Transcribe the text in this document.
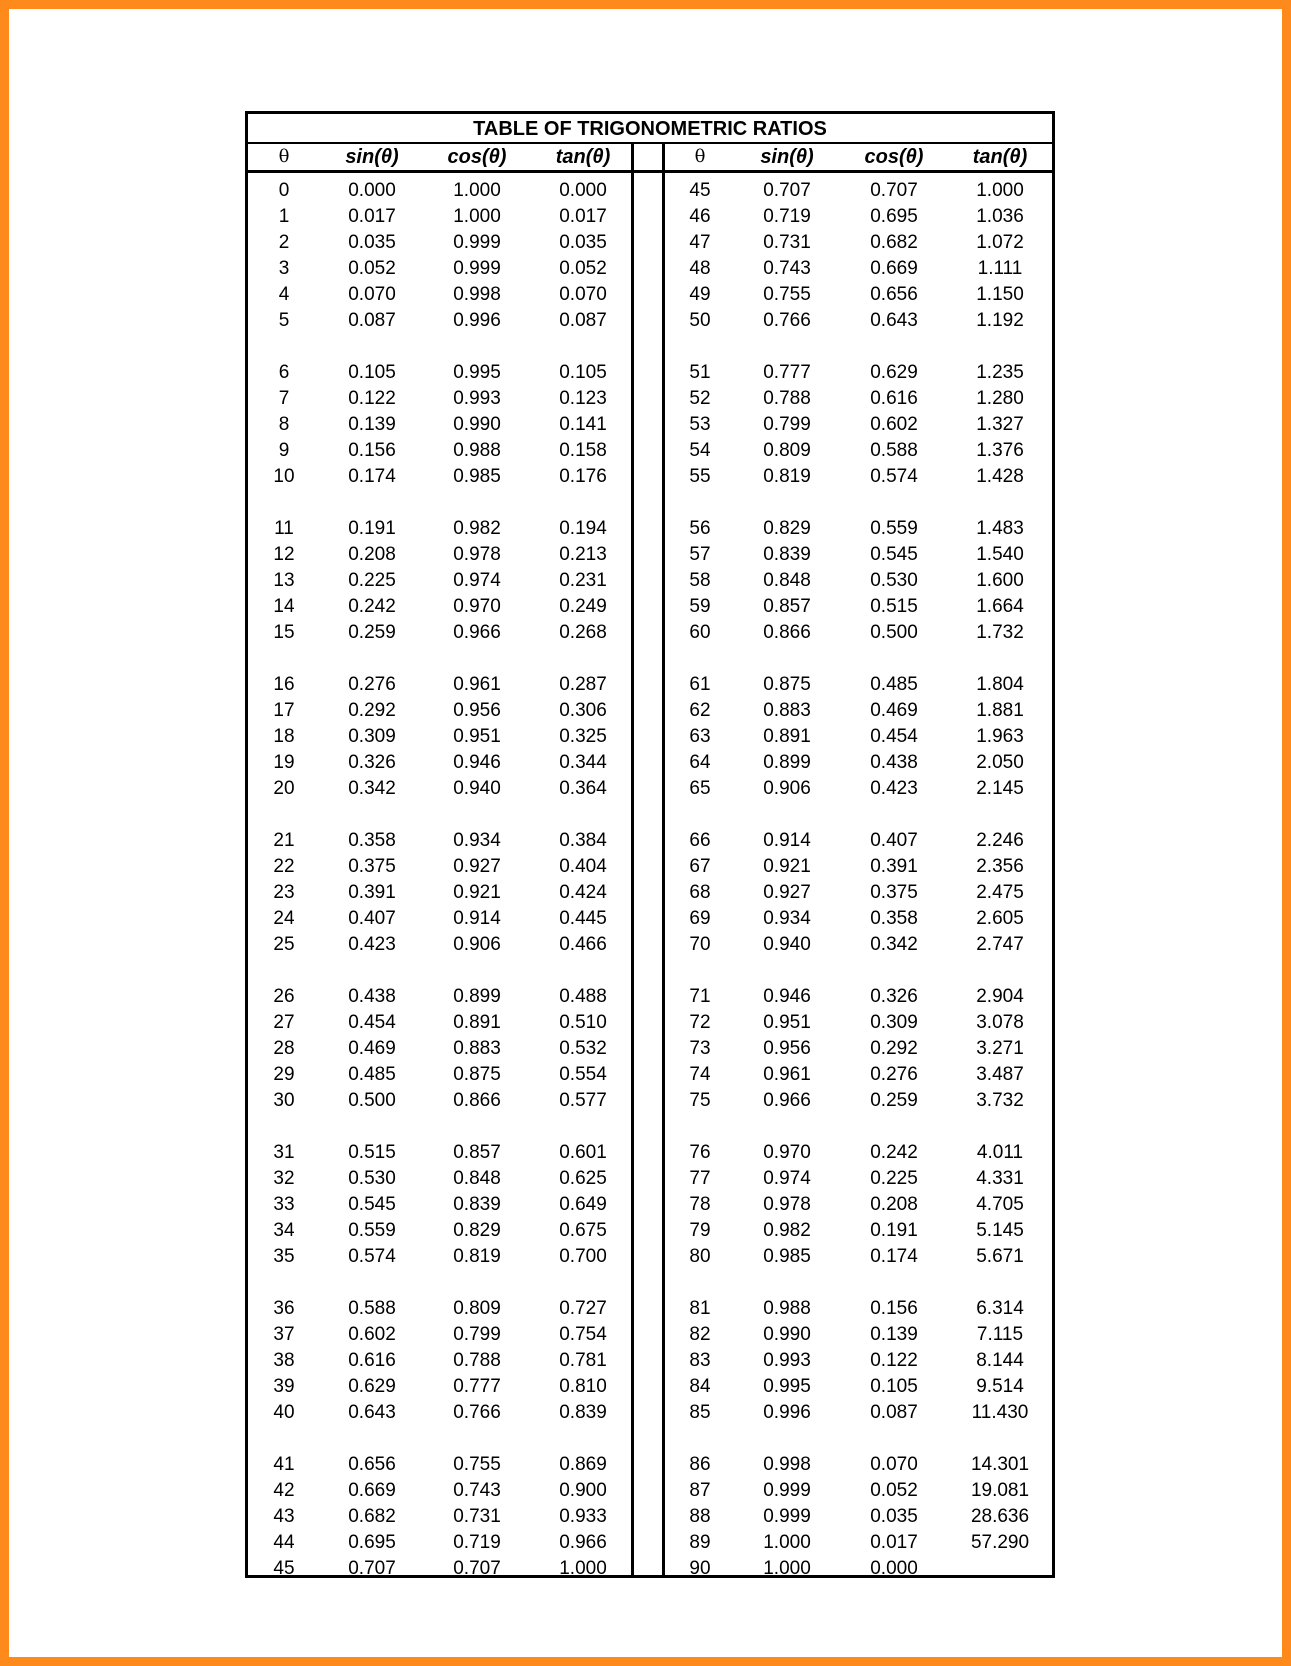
TABLE OF TRIGONOMETRIC RATIOS
θ	sin(θ)	cos(θ)	tan(θ)
0	0.000	1.000	0.000
1	0.017	1.000	0.017
2	0.035	0.999	0.035
3	0.052	0.999	0.052
4	0.070	0.998	0.070
5	0.087	0.996	0.087
6	0.105	0.995	0.105
7	0.122	0.993	0.123
8	0.139	0.990	0.141
9	0.156	0.988	0.158
10	0.174	0.985	0.176
11	0.191	0.982	0.194
12	0.208	0.978	0.213
13	0.225	0.974	0.231
14	0.242	0.970	0.249
15	0.259	0.966	0.268
16	0.276	0.961	0.287
17	0.292	0.956	0.306
18	0.309	0.951	0.325
19	0.326	0.946	0.344
20	0.342	0.940	0.364
21	0.358	0.934	0.384
22	0.375	0.927	0.404
23	0.391	0.921	0.424
24	0.407	0.914	0.445
25	0.423	0.906	0.466
26	0.438	0.899	0.488
27	0.454	0.891	0.510
28	0.469	0.883	0.532
29	0.485	0.875	0.554
30	0.500	0.866	0.577
31	0.515	0.857	0.601
32	0.530	0.848	0.625
33	0.545	0.839	0.649
34	0.559	0.829	0.675
35	0.574	0.819	0.700
36	0.588	0.809	0.727
37	0.602	0.799	0.754
38	0.616	0.788	0.781
39	0.629	0.777	0.810
40	0.643	0.766	0.839
41	0.656	0.755	0.869
42	0.669	0.743	0.900
43	0.682	0.731	0.933
44	0.695	0.719	0.966
45	0.707	0.707	1.000
θ	sin(θ)	cos(θ)	tan(θ)
45	0.707	0.707	1.000
46	0.719	0.695	1.036
47	0.731	0.682	1.072
48	0.743	0.669	1.111
49	0.755	0.656	1.150
50	0.766	0.643	1.192
51	0.777	0.629	1.235
52	0.788	0.616	1.280
53	0.799	0.602	1.327
54	0.809	0.588	1.376
55	0.819	0.574	1.428
56	0.829	0.559	1.483
57	0.839	0.545	1.540
58	0.848	0.530	1.600
59	0.857	0.515	1.664
60	0.866	0.500	1.732
61	0.875	0.485	1.804
62	0.883	0.469	1.881
63	0.891	0.454	1.963
64	0.899	0.438	2.050
65	0.906	0.423	2.145
66	0.914	0.407	2.246
67	0.921	0.391	2.356
68	0.927	0.375	2.475
69	0.934	0.358	2.605
70	0.940	0.342	2.747
71	0.946	0.326	2.904
72	0.951	0.309	3.078
73	0.956	0.292	3.271
74	0.961	0.276	3.487
75	0.966	0.259	3.732
76	0.970	0.242	4.011
77	0.974	0.225	4.331
78	0.978	0.208	4.705
79	0.982	0.191	5.145
80	0.985	0.174	5.671
81	0.988	0.156	6.314
82	0.990	0.139	7.115
83	0.993	0.122	8.144
84	0.995	0.105	9.514
85	0.996	0.087	11.430
86	0.998	0.070	14.301
87	0.999	0.052	19.081
88	0.999	0.035	28.636
89	1.000	0.017	57.290
90	1.000	0.000
